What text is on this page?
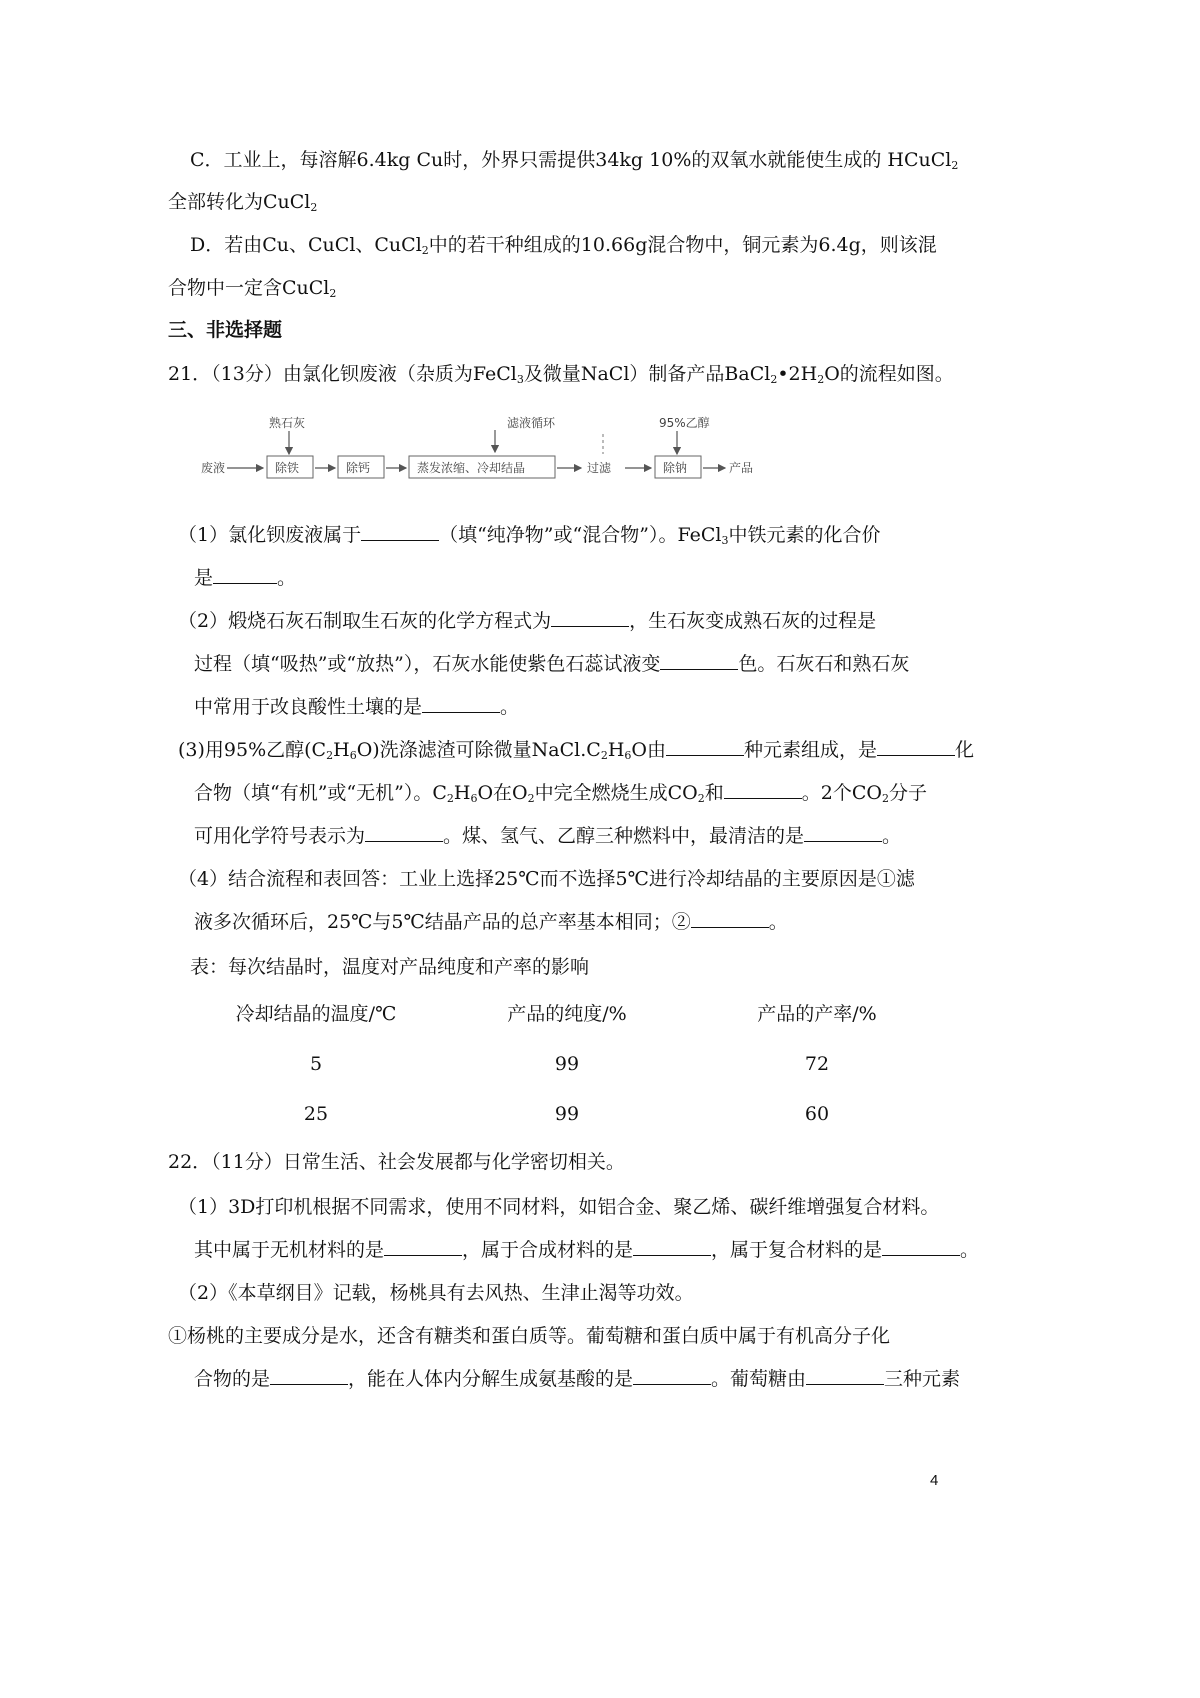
C．工业上，每溶解6.4kg Cu时，外界只需提供34kg 10%的双氧水就能使生成的 HCuCl$_2$
全部转化为CuCl$_2$
D．若由Cu、CuCl、CuCl$_2$中的若干种组成的10.66g混合物中，铜元素为6.4g，则该混
合物中一定含CuCl$_2$
三、非选择题
21．（13分）由氯化钡废液（杂质为FeCl$_3$及微量NaCl）制备产品$BaCl_2•2H_2O$的流程如图。
废液
熟石灰
除铁	除钙	蒸发浓缩、冷却结晶
滤液循环
过滤
95%乙醇
除钠	产品
（1）氯化钡废液属于	（填“纯净物”或“混合物”）。FeCl$_3$中铁元素的化合价
是	。
（2）煅烧石灰石制取生石灰的化学方程式为	，生石灰变成熟石灰的过程是
过程（填“吸热”或“放热”），石灰水能使紫色石蕊试液变	色。石灰石和熟石灰
中常用于改良酸性土壤的是	。
(3)用95%乙醇$(C_2H_6O)$洗涤滤渣可除微量$NaCl.C_2H_6O$由	种元素组成，是	化
合物（填“有机”或“无机”）。$C_2H_6O$在$O_2$中完全燃烧生成$CO_2$和	。2个$CO_2$分子
可用化学符号表示为	。煤、氢气、乙醇三种燃料中，最清洁的是	。
（4）结合流程和表回答：工业上选择25℃而不选择5℃进行冷却结晶的主要原因是①滤
液多次循环后，25℃与5℃结晶产品的总产率基本相同；②	。
表：每次结晶时，温度对产品纯度和产率的影响
冷却结晶的温度/℃	产品的纯度/%	产品的产率/%
5	99	72
25	99	60
22．（11分）日常生活、社会发展都与化学密切相关。
（1）3D打印机根据不同需求，使用不同材料，如铝合金、聚乙烯、碳纤维增强复合材料。
其中属于无机材料的是	，属于合成材料的是	，属于复合材料的是	。
（2）《本草纲目》记载，杨桃具有去风热、生津止渴等功效。
①杨桃的主要成分是水，还含有糖类和蛋白质等。葡萄糖和蛋白质中属于有机高分子化
合物的是	，能在人体内分解生成氨基酸的是	。葡萄糖由	三种元素
4
